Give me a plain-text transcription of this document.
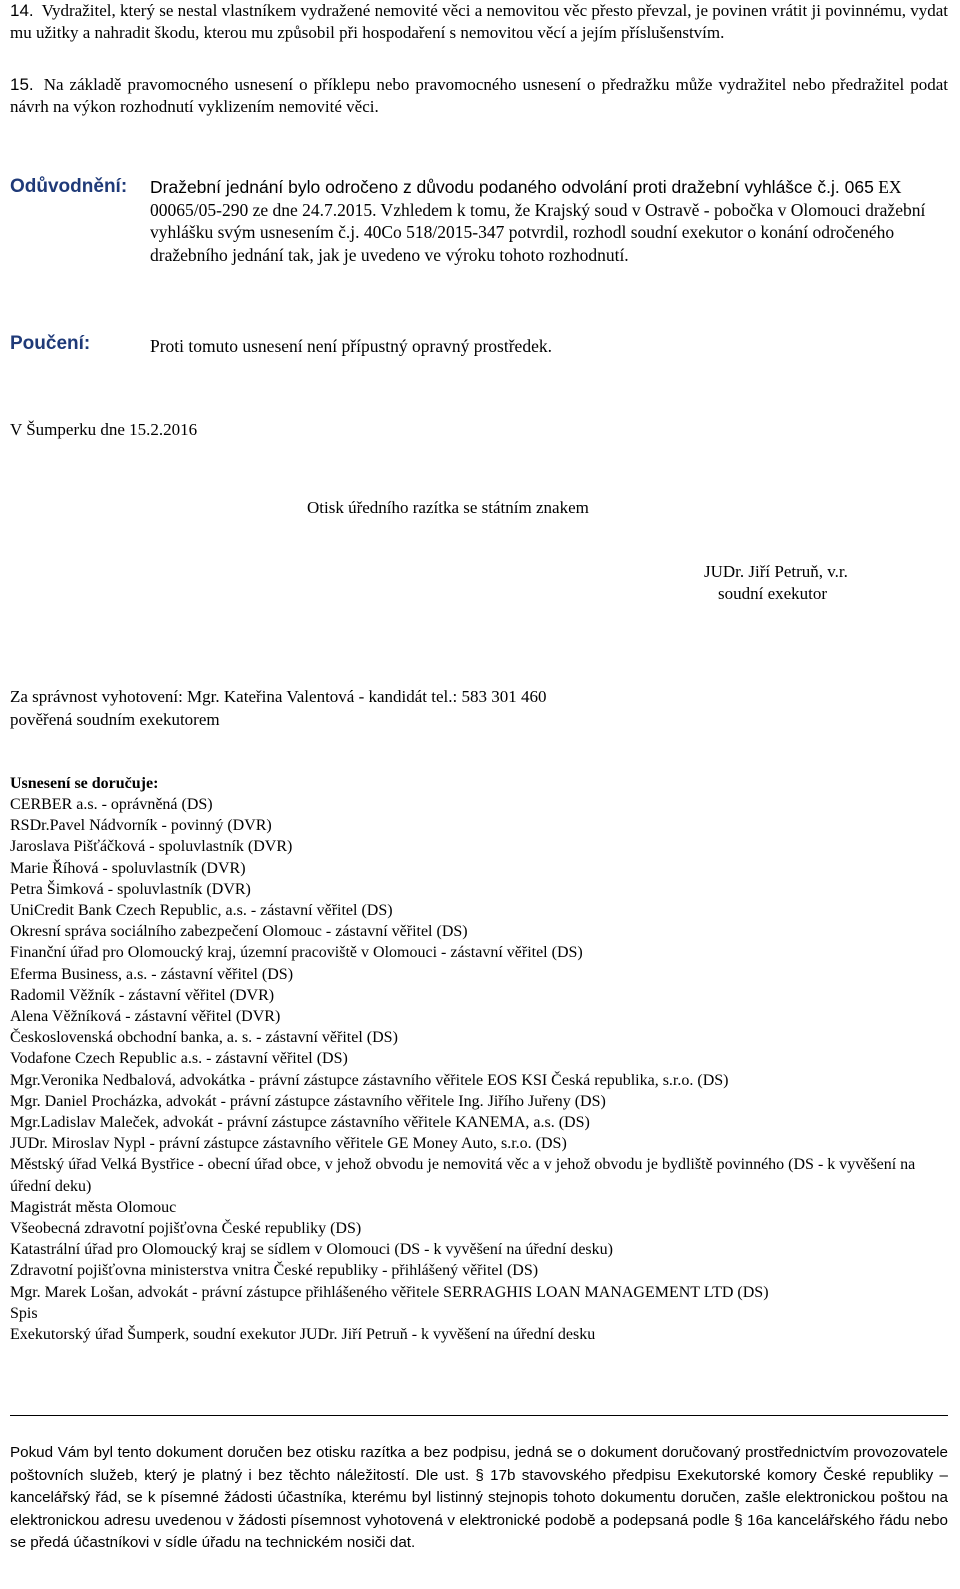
14. Vydražitel, který se nestal vlastníkem vydražené nemovité věci a nemovitou věc přesto převzal, je povinen vrátit ji povinnému, vydat mu užitky a nahradit škodu, kterou mu způsobil při hospodaření s nemovitou věcí a jejím příslušenstvím.
15. Na základě pravomocného usnesení o příklepu nebo pravomocného usnesení o předražku může vydražitel nebo předražitel podat návrh na výkon rozhodnutí vyklizením nemovité věci.
Odůvodnění: Dražební jednání bylo odročeno z důvodu podaného odvolání proti dražební vyhlášce č.j. 065 EX 00065/05-290 ze dne 24.7.2015. Vzhledem k tomu, že Krajský soud v Ostravě - pobočka v Olomouci dražební vyhlášku svým usnesením č.j. 40Co 518/2015-347 potvrdil, rozhodl soudní exekutor o konání odročeného dražebního jednání tak, jak je uvedeno ve výroku tohoto rozhodnutí.
Poučení:	Proti tomuto usnesení není přípustný opravný prostředek.
V Šumperku dne 15.2.2016
Otisk úředního razítka se státním znakem
JUDr. Jiří Petruň, v.r.
soudní exekutor
Za správnost vyhotovení: Mgr. Kateřina Valentová - kandidát tel.: 583 301 460
pověřená soudním exekutorem
Usnesení se doručuje:
CERBER a.s. - oprávněná (DS)
RSDr.Pavel Nádvorník - povinný (DVR)
Jaroslava Pišťáčková - spoluvlastník (DVR)
Marie Říhová - spoluvlastník (DVR)
Petra Šimková - spoluvlastník (DVR)
UniCredit Bank Czech Republic, a.s. - zástavní věřitel (DS)
Okresní správa sociálního zabezpečení Olomouc - zástavní věřitel (DS)
Finanční úřad pro Olomoucký kraj, územní pracoviště v Olomouci - zástavní věřitel (DS)
Eferma Business, a.s. - zástavní věřitel (DS)
Radomil Věžník - zástavní věřitel (DVR)
Alena Věžníková - zástavní věřitel (DVR)
Československá obchodní banka, a. s. - zástavní věřitel (DS)
Vodafone Czech Republic a.s. - zástavní věřitel (DS)
Mgr.Veronika Nedbalová, advokátka - právní zástupce zástavního věřitele EOS KSI Česká republika, s.r.o. (DS)
Mgr. Daniel Procházka, advokát - právní zástupce zástavního věřitele Ing. Jiřího Juřeny (DS)
Mgr.Ladislav Maleček, advokát - právní zástupce zástavního věřitele KANEMA, a.s. (DS)
JUDr. Miroslav Nypl - právní zástupce zástavního věřitele GE Money Auto, s.r.o. (DS)
Městský úřad Velká Bystřice - obecní úřad obce, v jehož obvodu je nemovitá věc a v jehož obvodu je bydliště povinného (DS - k vyvěšení na úřední deku)
Magistrát města Olomouc
Všeobecná zdravotní pojišťovna České republiky (DS)
Katastrální úřad pro Olomoucký kraj se sídlem v Olomouci (DS - k vyvěšení na úřední desku)
Zdravotní pojišťovna ministerstva vnitra České republiky - přihlášený věřitel (DS)
Mgr. Marek Lošan, advokát - právní zástupce přihlášeného věřitele SERRAGHIS LOAN MANAGEMENT LTD (DS)
Spis
Exekutorský úřad Šumperk, soudní exekutor JUDr. Jiří Petruň - k vyvěšení na úřední desku
Pokud Vám byl tento dokument doručen bez otisku razítka a bez podpisu, jedná se o dokument doručovaný prostřednictvím provozovatele poštovních služeb, který je platný i bez těchto náležitostí. Dle ust. § 17b stavovského předpisu Exekutorské komory České republiky – kancelářský řád, se k písemné žádosti účastníka, kterému byl listinný stejnopis tohoto dokumentu doručen, zašle elektronickou poštou na elektronickou adresu uvedenou v žádosti písemnost vyhotovená v elektronické podobě a podepsaná podle § 16a kancelářského řádu nebo se předá účastníkovi v sídle úřadu na technickém nosiči dat.
